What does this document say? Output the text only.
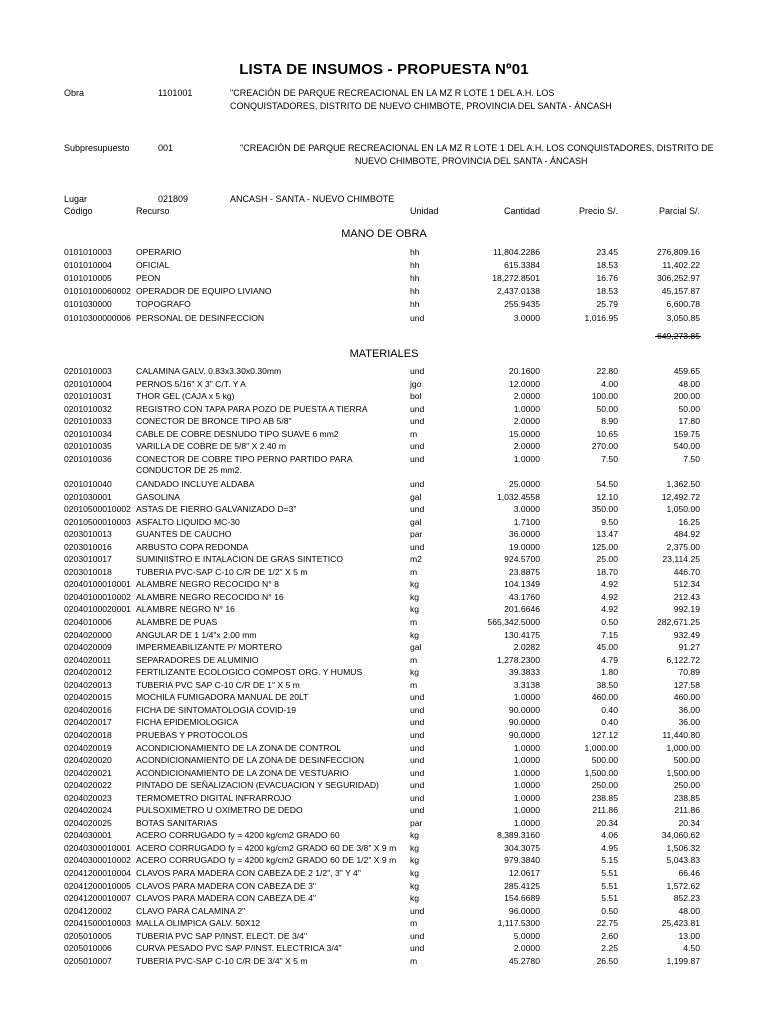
LISTA DE INSUMOS - PROPUESTA Nº01
Obra	1101001	"CREACIÓN DE PARQUE RECREACIONAL EN LA MZ R LOTE 1 DEL A.H. LOS
CONQUISTADORES, DISTRITO DE NUEVO CHIMBOTE, PROVINCIA DEL SANTA - ÁNCASH
Subpresupuesto	001	"CREACIÓN DE PARQUE RECREACIONAL EN LA MZ R LOTE 1 DEL A.H. LOS CONQUISTADORES, DISTRITO DE
NUEVO CHIMBOTE, PROVINCIA DEL SANTA - ÁNCASH
Lugar	021809	ANCASH - SANTA - NUEVO CHIMBOTE
Código	Recurso	Unidad	Cantidad	Precio S/.	Parcial S/.
MANO DE OBRA
0101010003	OPERARIO	hh	11,804.2286	23.45	276,809.16
0101010004	OFICIAL	hh	615.3384	18.53	11,402.22
0101010005	PEON	hh	18,272.8501	16.76	306,252.97
01010100060002 OPERADOR DE EQUIPO LIVIANO	hh	2,437.0138	18.53	45,157.87
0101030000	TOPOGRAFO	hh	255.9435	25.79	6,600.78
01010300000006 PERSONAL DE DESINFECCION	und	3.0000	1,016.95	3,050.85
649,273.85
MATERIALES
0201010003	CALAMINA GALV. 0.83x3.30x0.30mm	und	20.1600	22.80	459.65
0201010004	PERNOS 5/16" X 3" C/T. Y A	jgo	12.0000	4.00	48.00
0201010031	THOR GEL (CAJA x 5 kg)	bol	2.0000	100.00	200.00
0201010032	REGISTRO CON TAPA PARA POZO DE PUESTA A TIERRA	und	1.0000	50.00	50.00
0201010033	CONECTOR DE BRONCE TIPO AB 5/8"	und	2.0000	8.90	17.80
0201010034	CABLE DE COBRE DESNUDO TIPO SUAVE 6 mm2	m	15.0000	10.65	159.75
0201010035	VARILLA DE COBRE DE 5/8" X 2.40 m	und	2.0000	270.00	540.00
0201010036	CONECTOR DE COBRE TIPO PERNO PARTIDO PARA	und	1.0000	7.50	7.50
CONDUCTOR DE 25 mm2.
0201010040	CANDADO INCLUYE ALDABA	und	25.0000	54.50	1,362.50
0201030001	GASOLINA	gal	1,032.4558	12.10	12,492.72
02010500010002 ASTAS DE FIERRO GALVANIZADO D=3"	und	3.0000	350.00	1,050.00
02010500010003 ASFALTO LIQUIDO MC-30	gal	1.7100	9.50	16.25
0203010013	GUANTES DE CAUCHO	par	36.0000	13.47	484.92
0203010016	ARBUSTO COPA REDONDA	und	19.0000	125.00	2,375.00
0203010017	SUMINIISTRO E INTALACION DE GRAS SINTETICO	m2	924.5700	25.00	23,114.25
0203010018	TUBERIA PVC-SAP C-10 C/R DE 1/2" X 5 m	m	23.8875	18.70	446.70
02040100010001 ALAMBRE NEGRO RECOCIDO N° 8	kg	104.1349	4.92	512.34
02040100010002 ALAMBRE NEGRO RECOCIDO N° 16	kg	43.1760	4.92	212.43
02040100020001 ALAMBRE NEGRO N° 16	kg	201.6646	4.92	992.19
0204010006	ALAMBRE DE PUAS	m	565,342.5000	0.50	282,671.25
0204020000	ANGULAR DE 1 1/4"x 2.00 mm	kg	130.4175	7.15	932.49
0204020009	IMPERMEABILIZANTE P/ MORTERO	gal	2.0282	45.00	91.27
0204020011	SEPARADORES DE ALUMINIO	m	1,278.2300	4.79	6,122.72
0204020012	FERTILIZANTE ECOLOGICO COMPOST ORG. Y HUMUS	kg	39.3833	1.80	70.89
0204020013	TUBERIA PVC SAP C-10 C/R DE 1" X 5 m	m	3.3138	38.50	127.58
0204020015	MOCHILA FUMIGADORA MANUAL DE 20LT	und	1.0000	460.00	460.00
0204020016	FICHA DE SINTOMATOLOGIA COVID-19	und	90.0000	0.40	36.00
0204020017	FICHA EPIDEMIOLOGICA	und	90.0000	0.40	36.00
0204020018	PRUEBAS Y PROTOCOLOS	und	90.0000	127.12	11,440.80
0204020019	ACONDICIONAMIENTO DE LA ZONA DE CONTROL	und	1.0000	1,000.00	1,000.00
0204020020	ACONDICIONAMIENTO DE LA ZONA DE DESINFECCION	und	1.0000	500.00	500.00
0204020021	ACONDICIONAMIENTO DE LA ZONA DE VESTUARIO	und	1.0000	1,500.00	1,500.00
0204020022	PINTADO DE SEÑALIZACION (EVACUACION Y SEGURIDAD)	und	1.0000	250.00	250.00
0204020023	TERMOMETRO DIGITAL INFRARROJO	und	1.0000	238.85	238.85
0204020024	PULSOXIMETRO U OXIMETRO DE DEDO	und	1.0000	211.86	211.86
0204020025	BOTAS SANITARIAS	par	1.0000	20.34	20.34
0204030001	ACERO CORRUGADO fy = 4200 kg/cm2 GRADO 60	kg	8,389.3160	4.06	34,060.62
02040300010001 ACERO CORRUGADO fy = 4200 kg/cm2 GRADO 60 DE 3/8" X 9 m	kg	304.3075	4.95	1,506.32
02040300010002 ACERO CORRUGADO fy = 4200 kg/cm2 GRADO 60 DE 1/2" X 9 m	kg	979.3840	5.15	5,043.83
02041200010004 CLAVOS PARA MADERA CON CABEZA DE 2 1/2", 3" Y 4"	kg	12.0617	5.51	66.46
02041200010005 CLAVOS PARA MADERA CON CABEZA DE 3"	kg	285.4125	5.51	1,572.62
02041200010007 CLAVOS PARA MADERA CON CABEZA DE 4"	kg	154.6689	5.51	852.23
0204120002	CLAVO PARA CALAMINA 2"	und	96.0000	0.50	48.00
02041500010003 MALLA OLIMPICA GALV. 50X12	m	1,117.5300	22.75	25,423.81
0205010005	TUBERIA PVC SAP P/INST. ELECT. DE 3/4"	und	5.0000	2.60	13.00
0205010006	CURVA PESADO PVC SAP P/INST. ELECTRICA 3/4"	und	2.0000	2.25	4.50
0205010007	TUBERIA PVC-SAP C-10 C/R DE 3/4" X 5 m	m	45.2780	26.50	1,199.87
